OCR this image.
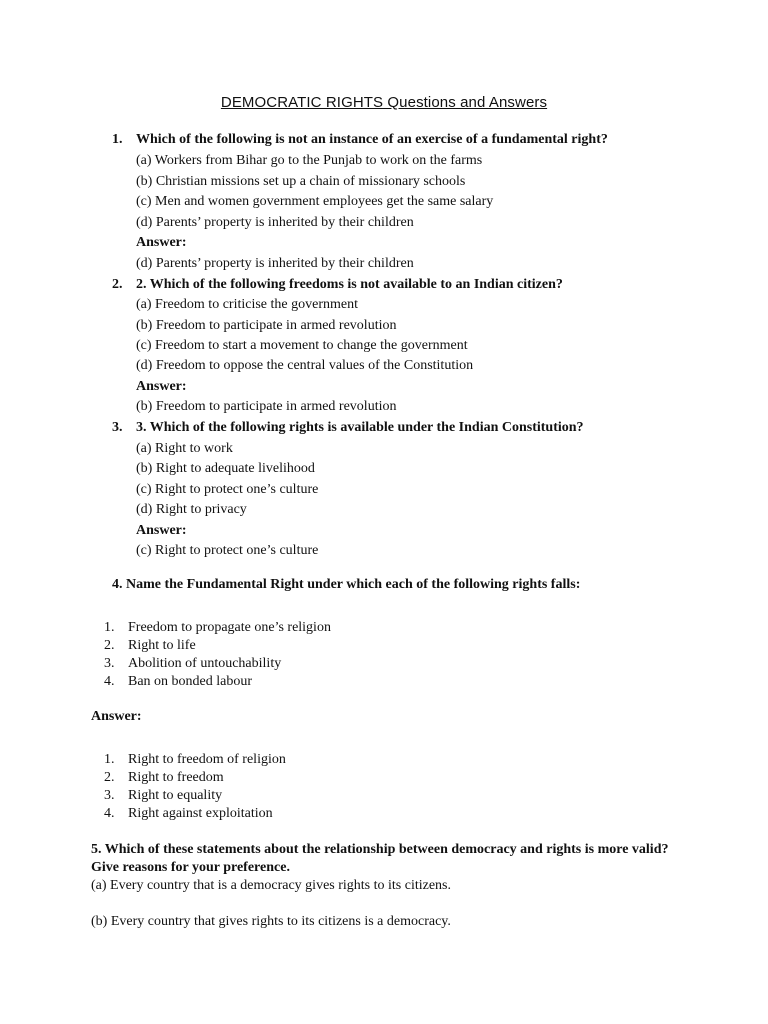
DEMOCRATIC RIGHTS Questions and Answers
1. Which of the following is not an instance of an exercise of a fundamental right?
(a) Workers from Bihar go to the Punjab to work on the farms
(b) Christian missions set up a chain of missionary schools
(c) Men and women government employees get the same salary
(d) Parents’ property is inherited by their children
Answer:
(d) Parents’ property is inherited by their children
2. 2. Which of the following freedoms is not available to an Indian citizen?
(a) Freedom to criticise the government
(b) Freedom to participate in armed revolution
(c) Freedom to start a movement to change the government
(d) Freedom to oppose the central values of the Constitution
Answer:
(b) Freedom to participate in armed revolution
3. 3. Which of the following rights is available under the Indian Constitution?
(a) Right to work
(b) Right to adequate livelihood
(c) Right to protect one’s culture
(d) Right to privacy
Answer:
(c) Right to protect one’s culture
4. Name the Fundamental Right under which each of the following rights falls:
1. Freedom to propagate one’s religion
2. Right to life
3. Abolition of untouchability
4. Ban on bonded labour
Answer:
1. Right to freedom of religion
2. Right to freedom
3. Right to equality
4. Right against exploitation
5. Which of these statements about the relationship between democracy and rights is more valid? Give reasons for your preference.
(a) Every country that is a democracy gives rights to its citizens.
(b) Every country that gives rights to its citizens is a democracy.
